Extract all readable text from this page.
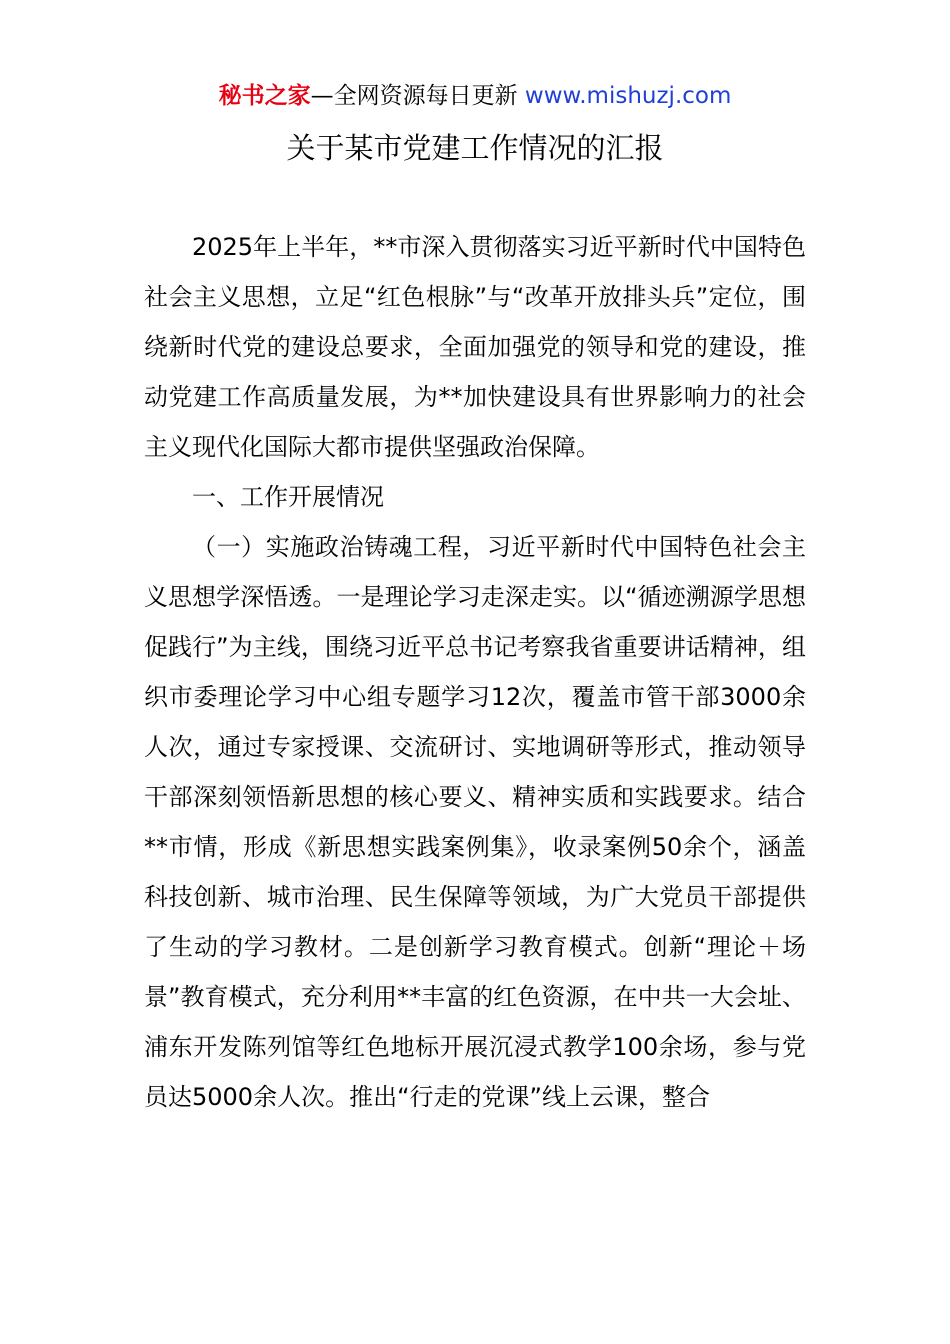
秘书之家—全网资源每日更新 www.mishuzj.com
关于某市党建工作情况的汇报

2025年上半年，**市深入贯彻落实习近平新时代中国特色社会主义思想，立足“红色根脉”与“改革开放排头兵”定位，围绕新时代党的建设总要求，全面加强党的领导和党的建设，推动党建工作高质量发展，为**加快建设具有世界影响力的社会主义现代化国际大都市提供坚强政治保障。

一、工作开展情况

（一）实施政治铸魂工程，习近平新时代中国特色社会主义思想学深悟透。一是理论学习走深走实。以“循迹溯源学思想促践行”为主线，围绕习近平总书记考察我省重要讲话精神，组织市委理论学习中心组专题学习12次，覆盖市管干部3000余人次，通过专家授课、交流研讨、实地调研等形式，推动领导干部深刻领悟新思想的核心要义、精神实质和实践要求。结合**市情，形成《新思想实践案例集》，收录案例50余个，涵盖科技创新、城市治理、民生保障等领域，为广大党员干部提供了生动的学习教材。二是创新学习教育模式。创新“理论＋场景”教育模式，充分利用**丰富的红色资源，在中共一大会址、浦东开发陈列馆等红色地标开展沉浸式教学100余场，参与党员达5000余人次。推出“行走的党课”线上云课，整合
